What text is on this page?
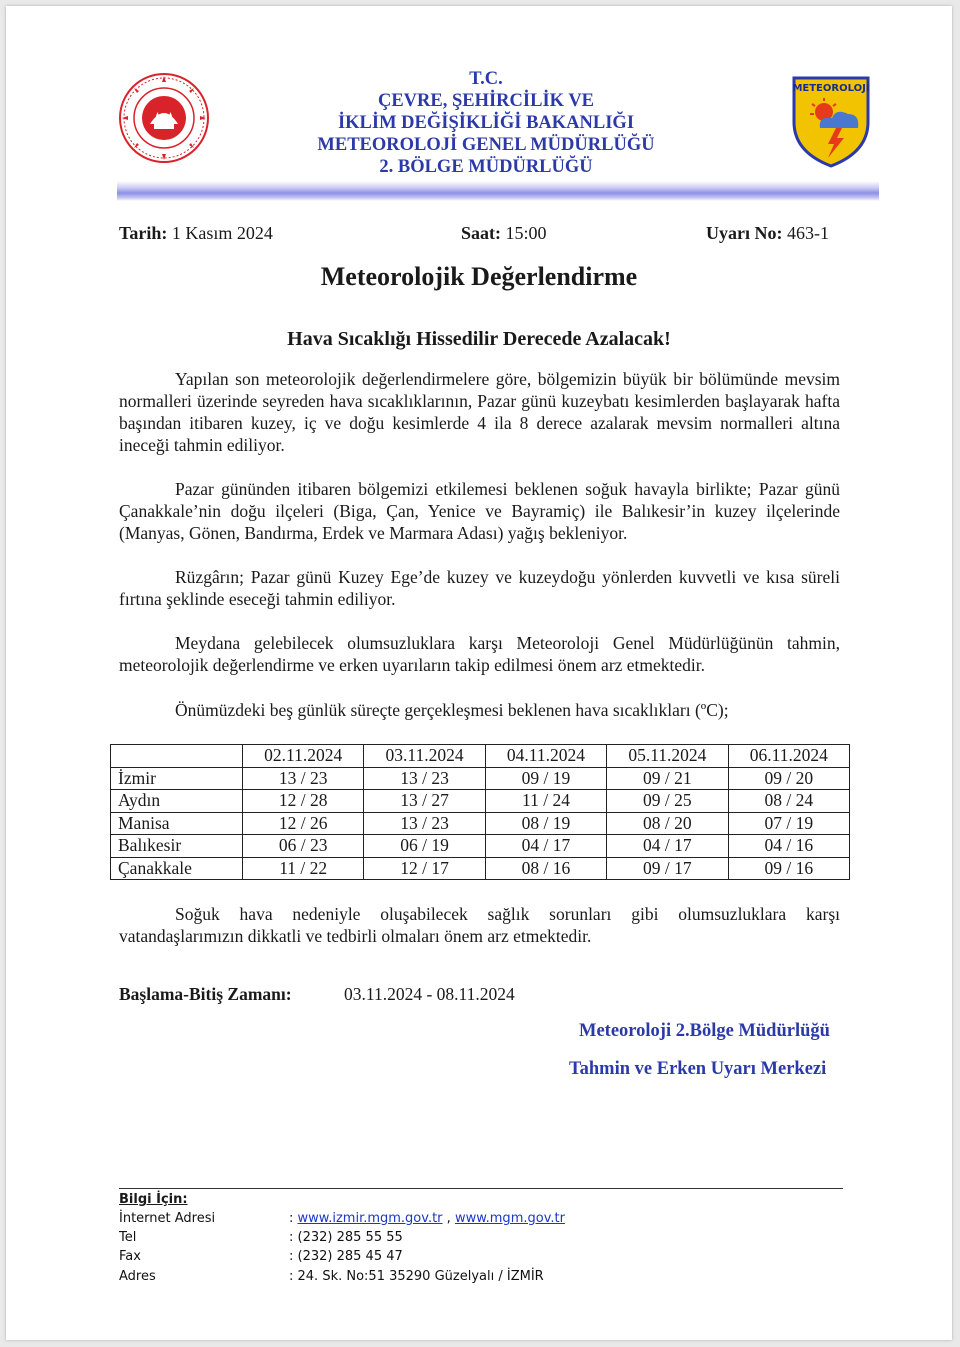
T.C.
ÇEVRE, ŞEHİRCİLİK VE
İKLİM DEĞİŞİKLİĞİ BAKANLIĞI
METEOROLOJİ GENEL MÜDÜRLÜĞÜ
2. BÖLGE MÜDÜRLÜĞÜ
METEOROLOJİ
Tarih: 1 Kasım 2024	Saat: 15:00	Uyarı No: 463-1
Meteorolojik Değerlendirme
Hava Sıcaklığı Hissedilir Derecede Azalacak!
Yapılan son meteorolojik değerlendirmelere göre, bölgemizin büyük bir bölümünde mevsim normalleri üzerinde seyreden hava sıcaklıklarının, Pazar günü kuzeybatı kesimlerden başlayarak hafta başından itibaren kuzey, iç ve doğu kesimlerde 4 ila 8 derece azalarak mevsim normalleri altına ineceği tahmin ediliyor.
Pazar gününden itibaren bölgemizi etkilemesi beklenen soğuk havayla birlikte; Pazar günü Çanakkale’nin doğu ilçeleri (Biga, Çan, Yenice ve Bayramiç) ile Balıkesir’in kuzey ilçelerinde (Manyas, Gönen, Bandırma, Erdek ve Marmara Adası) yağış bekleniyor.
Rüzgârın; Pazar günü Kuzey Ege’de kuzey ve kuzeydoğu yönlerden kuvvetli ve kısa süreli fırtına şeklinde eseceği tahmin ediliyor.
Meydana gelebilecek olumsuzluklara karşı Meteoroloji Genel Müdürlüğünün tahmin, meteorolojik değerlendirme ve erken uyarıların takip edilmesi önem arz etmektedir.
Önümüzdeki beş günlük süreçte gerçekleşmesi beklenen hava sıcaklıkları (ºC);
	02.11.2024	03.11.2024	04.11.2024	05.11.2024	06.11.2024
İzmir	13 / 23	13 / 23	09 / 19	09 / 21	09 / 20
Aydın	12 / 28	13 / 27	11 / 24	09 / 25	08 / 24
Manisa	12 / 26	13 / 23	08 / 19	08 / 20	07 / 19
Balıkesir	06 / 23	06 / 19	04 / 17	04 / 17	04 / 16
Çanakkale	11 / 22	12 / 17	08 / 16	09 / 17	09 / 16
Soğuk hava nedeniyle oluşabilecek sağlık sorunları gibi olumsuzluklara karşı vatandaşlarımızın dikkatli ve tedbirli olmaları önem arz etmektedir.
Başlama-Bitiş Zamanı:	03.11.2024 - 08.11.2024
Meteoroloji 2.Bölge Müdürlüğü
Tahmin ve Erken Uyarı Merkezi
Bilgi İçin:
İnternet Adresi	: www.izmir.mgm.gov.tr , www.mgm.gov.tr
Tel	: (232) 285 55 55
Fax	: (232) 285 45 47
Adres	: 24. Sk. No:51 35290 Güzelyalı / İZMİR
